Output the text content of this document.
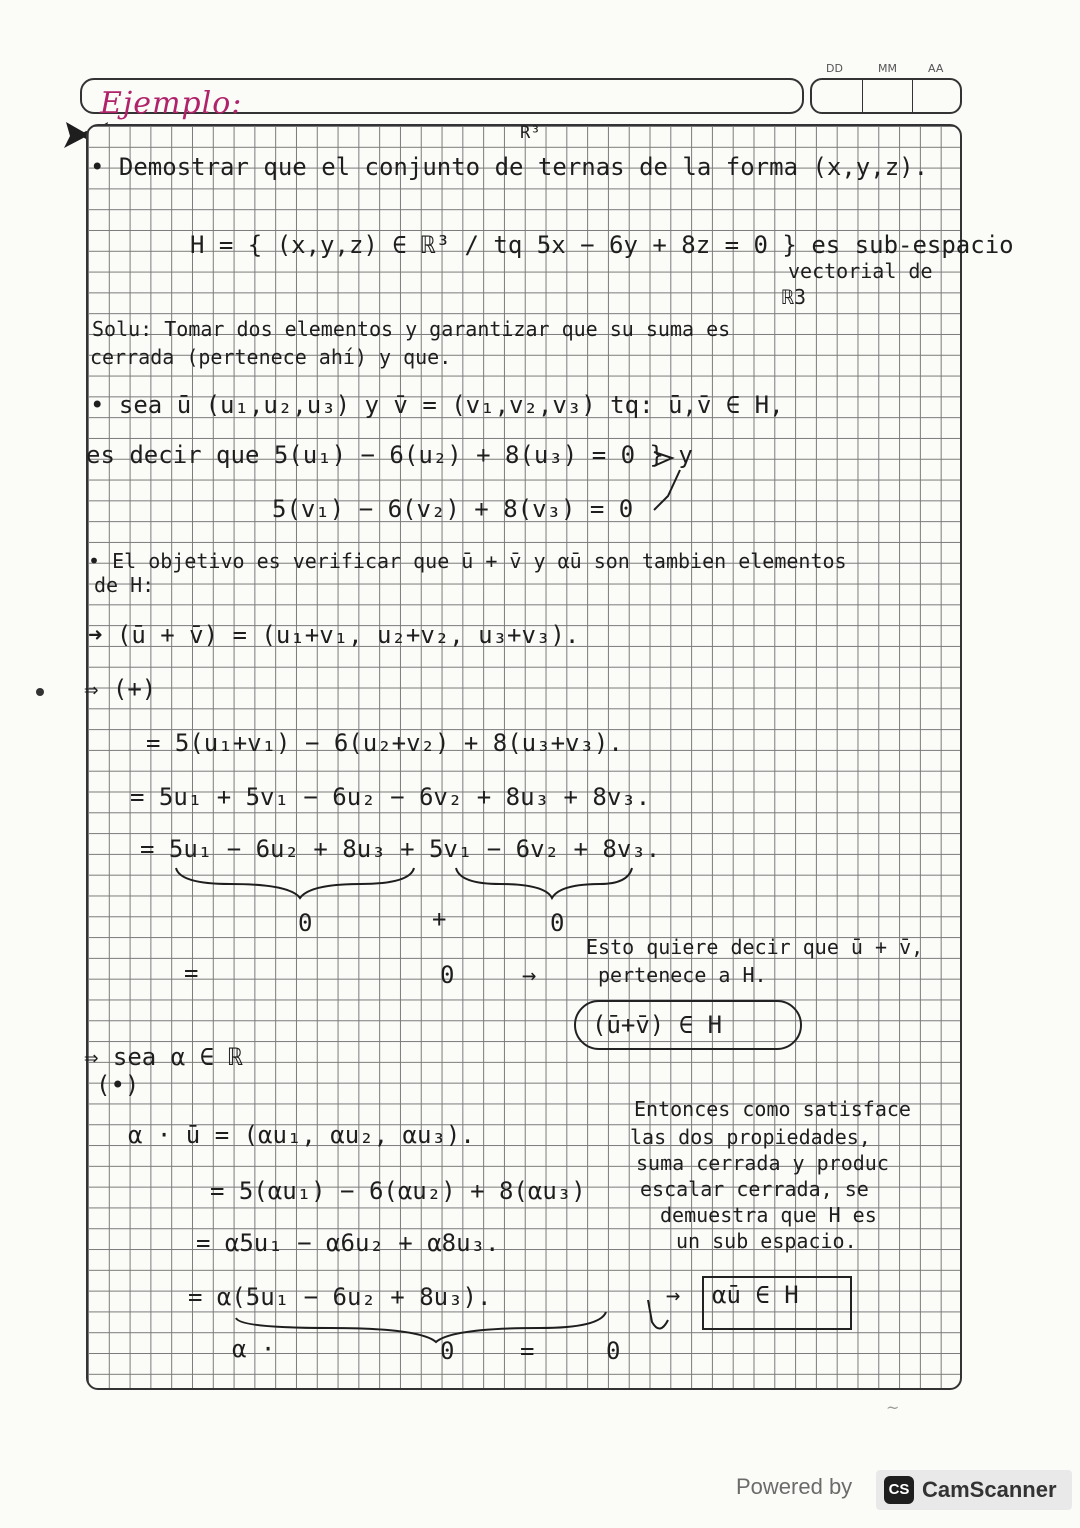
DD	MM	AA
Ejemplo:
R³
• Demostrar que el conjunto de ternas de la forma (x,y,z).
H = { (x,y,z) ∈ ℝ³ / tq 5x − 6y + 8z = 0 } es sub-espacio
vectorial de
ℝ3
Solu: Tomar dos elementos y garantizar que su suma es
cerrada (pertenece ahí) y que.
• sea ū (u₁,u₂,u₃) y v̄ = (v₁,v₂,v₃) tq: ū,v̄ ∈ H,
es decir que 5(u₁) − 6(u₂) + 8(u₃) = 0 } y
5(v₁) − 6(v₂) + 8(v₃) = 0
• El objetivo es verificar que ū + v̄ y αū son tambien elementos
de H:
➜ (ū + v̄) = (u₁+v₁, u₂+v₂, u₃+v₃).
⇒ (+)
= 5(u₁+v₁) − 6(u₂+v₂) + 8(u₃+v₃).
= 5u₁ + 5v₁ − 6u₂ − 6v₂ + 8u₃ + 8v₃.
= 5u₁ − 6u₂ + 8u₃ + 5v₁ − 6v₂ + 8v₃.
0	+	0
Esto quiere decir que ū + v̄,
=	0	→	pertenece a H.
(ū+v̄) ∈ H
⇒ sea α ∈ ℝ
(•)
Entonces como satisface
α · ū = (αu₁, αu₂, αu₃).	las dos propiedades,
suma cerrada y produc
= 5(αu₁) − 6(αu₂) + 8(αu₃)	escalar cerrada, se
demuestra que H es
= α5u₁ − α6u₂ + α8u₃.	un sub espacio.
= α(5u₁ − 6u₂ + 8u₃).	→ αū ∈ H
α ·	0	=	0
~
Powered by	CS CamScanner
